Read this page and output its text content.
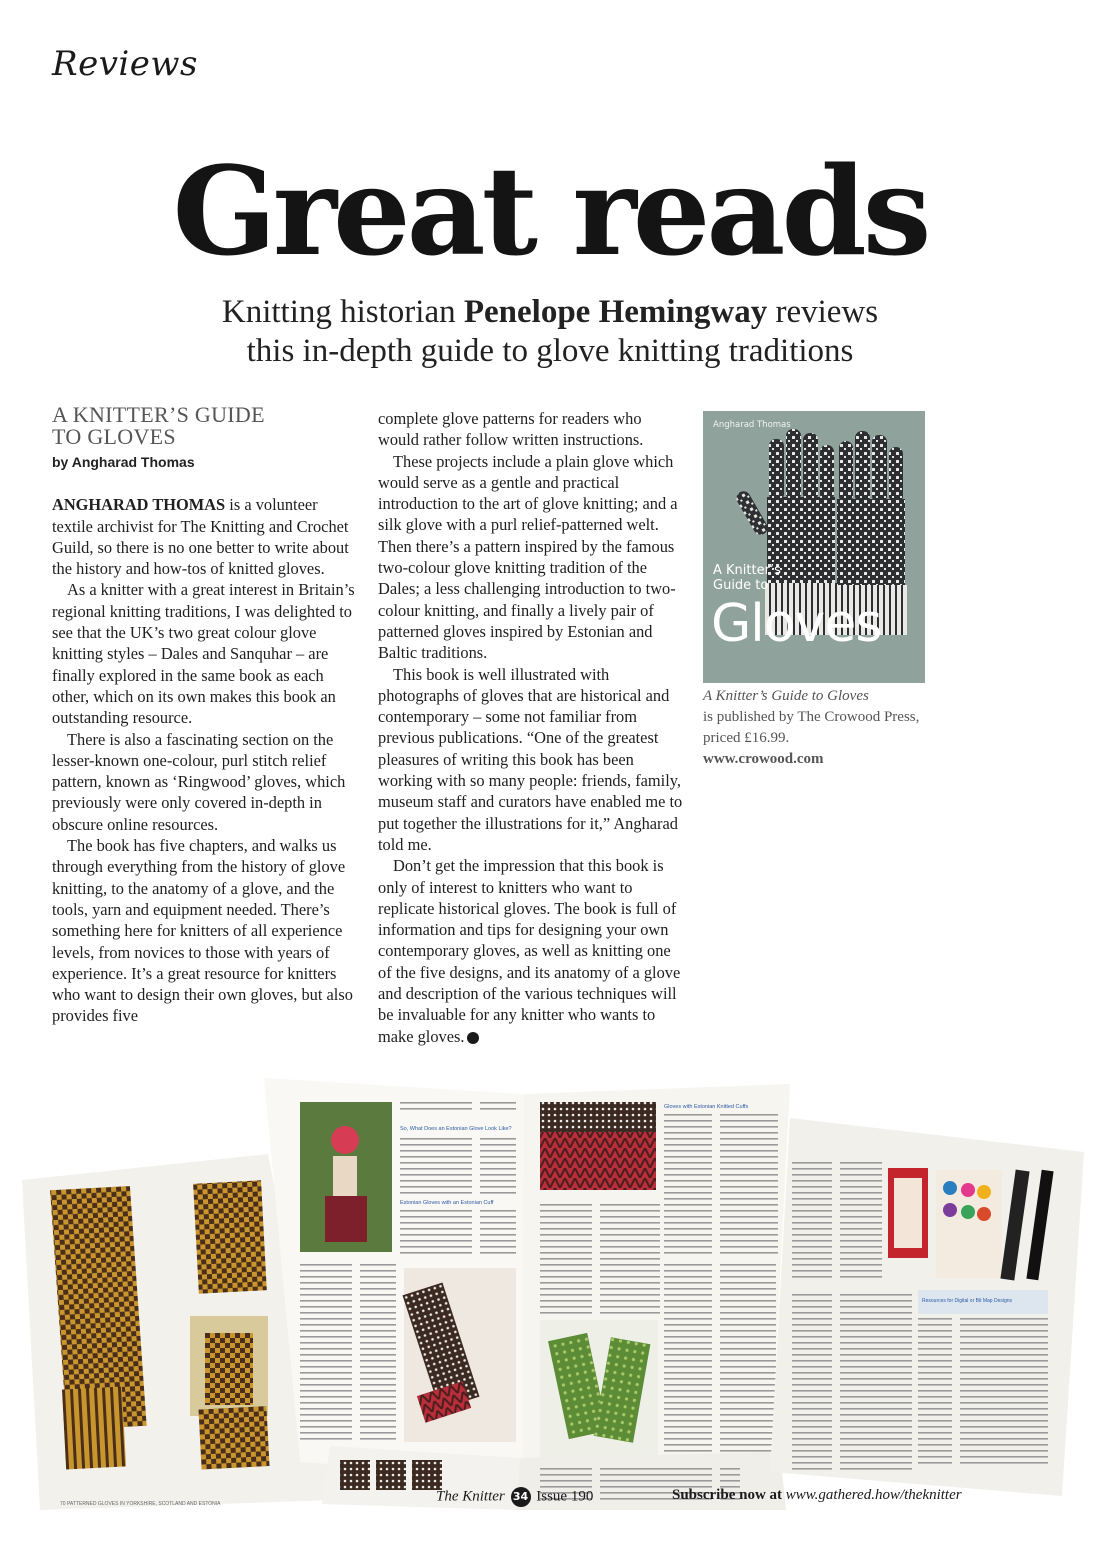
Reviews
Great reads
Knitting historian Penelope Hemingway reviews
this in-depth guide to glove knitting traditions
A KNITTER’S GUIDE TO GLOVES
by Angharad Thomas

ANGHARAD THOMAS is a volunteer textile archivist for The Knitting and Crochet Guild, so there is no one better to write about the history and how-tos of knitted gloves.

As a knitter with a great interest in Britain’s regional knitting traditions, I was delighted to see that the UK’s two great colour glove knitting styles – Dales and Sanquhar – are finally explored in the same book as each other, which on its own makes this book an outstanding resource.

There is also a fascinating section on the lesser-known one-colour, purl stitch relief pattern, known as ‘Ringwood’ gloves, which previously were only covered in-depth in obscure online resources.

The book has five chapters, and walks us through everything from the history of glove knitting, to the anatomy of a glove, and the tools, yarn and equipment needed. There’s something here for knitters of all experience levels, from novices to those with years of experience. It’s a great resource for knitters who want to design their own gloves, but also provides five

complete glove patterns for readers who would rather follow written instructions.

These projects include a plain glove which would serve as a gentle and practical introduction to the art of glove knitting; and a silk glove with a purl relief-patterned welt. Then there’s a pattern inspired by the famous two-colour glove knitting tradition of the Dales; a less challenging introduction to two-colour knitting, and finally a lively pair of patterned gloves inspired by Estonian and Baltic traditions.

This book is well illustrated with photographs of gloves that are historical and contemporary – some not familiar from previous publications. “One of the greatest pleasures of writing this book has been working with so many people: friends, family, museum staff and curators have enabled me to put together the illustrations for it,” Angharad told me.

Don’t get the impression that this book is only of interest to knitters who want to replicate historical gloves. The book is full of information and tips for designing your own contemporary gloves, as well as knitting one of the five designs, and its anatomy of a glove and description of the various techniques will be invaluable for any knitter who wants to make gloves. ✚

Angharad Thomas
A Knitter’s Guide to
Gloves
A Knitter’s Guide to Gloves
is published by The Crowood Press, priced £16.99.
www.crowood.com
70 PATTERNED GLOVES IN YORKSHIRE, SCOTLAND AND ESTONIA
So, What Does an Estonian Glove Look Like?
Estonian Gloves with an Estonian Cuff
Gloves with Estonian Knitted Cuffs
Resources for Digital or Bit Map Designs
The Knitter 34 Issue 190	Subscribe now at www.gathered.how/theknitter
